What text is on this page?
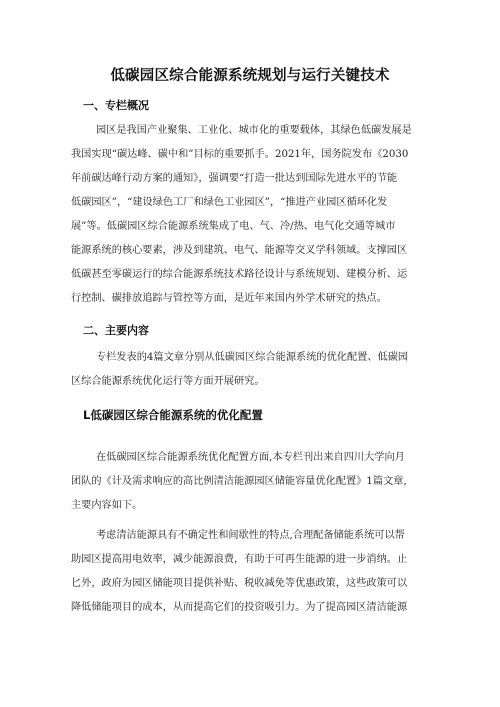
低碳园区综合能源系统规划与运行关键技术
一、专栏概况
园区是我国产业聚集、工业化、城市化的重要载体，其绿色低碳发展是
我国实现“碳达峰、碳中和”目标的重要抓手。2021年，国务院发布《2030
年前碳达峰行动方案的通知》，强调要“打造一批达到国际先进水平的节能
低碳园区”，“建设绿色工厂和绿色工业园区”，“推进产业园区循环化发
展”等。低碳园区综合能源系统集成了电、气、冷/热、电气化交通等城市
能源系统的核心要素，涉及到建筑、电气、能源等交叉学科领域。支撑园区
低碳甚至零碳运行的综合能源系统技术路径设计与系统规划、建模分析、运
行控制、碳排放追踪与管控等方面，是近年来国内外学术研究的热点。
二、主要内容
专栏发表的4篇文章分别从低碳园区综合能源系统的优化配置、低碳园
区综合能源系统优化运行等方面开展研究。
L低碳园区综合能源系统的优化配置
在低碳园区综合能源系统优化配置方面,本专栏刊出来自四川大学向月
团队的《计及需求响应的高比例清洁能源园区储能容量优化配置》1篇文章,
主要内容如下。
考虑清洁能源具有不确定性和间歇性的特点,合理配备储能系统可以帮
助园区提高用电效率，减少能源浪费，有助于可再生能源的进一步消纳。止
匕外，政府为园区储能项目提供补贴、税收减免等优惠政策，这些政策可以
降低储能项目的成本，从而提高它们的投资吸引力。为了提高园区清洁能源
